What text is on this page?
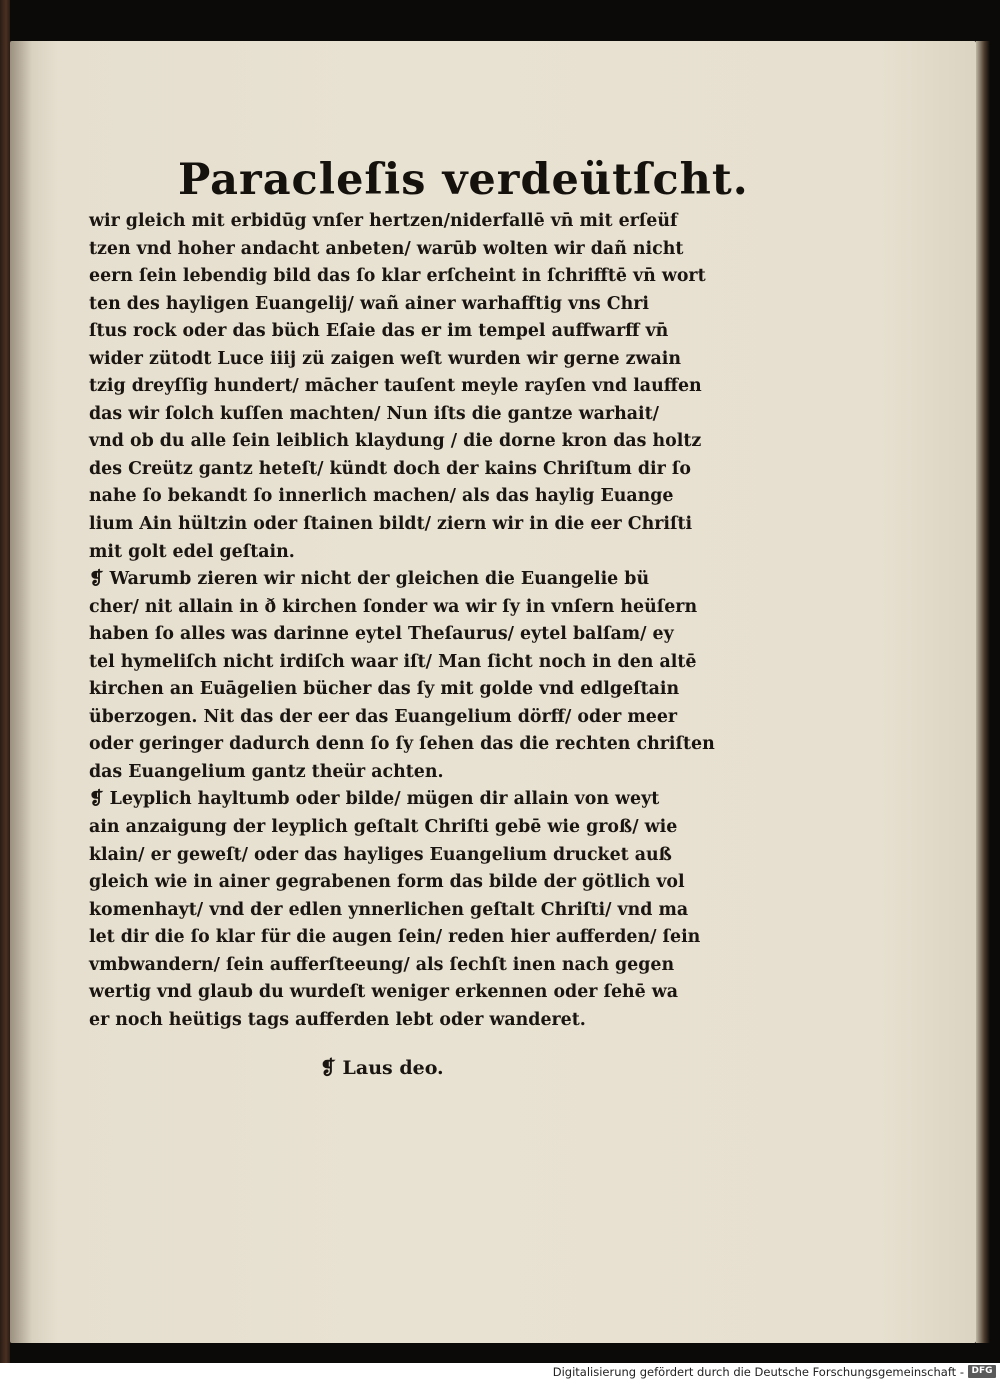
Paracleſis verdeütſcht.
wir gleich mit erbidūg vnſer hertzen/niderfallē vn̄ mit erſeüf
tzen vnd hoher andacht anbeten/ warūb wolten wir dañ nicht
eern ſein lebendig bild das ſo klar erſcheint in ſchrifftē vn̄ wort
ten des hayligen Euangelij/ wañ ainer warhafftig vns Chri
ſtus rock oder das büch Eſaie das er im tempel auffwarff vn̄
wider zütodt Luce iiij zü zaigen weſt wurden wir gerne zwain
tzig dreyſſig hundert/ mācher tauſent meyle rayſen vnd lauffen
das wir ſolch kuſſen machten/ Nun iſts die gantze warhait/
vnd ob du alle ſein leiblich klaydung / die dorne kron das holtz
des Creütz gantz heteſt/ kündt doch der kains Chriſtum dir ſo
nahe ſo bekandt ſo innerlich machen/ als das haylig Euange
lium Ain hültzin oder ſtainen bildt/ ziern wir in die eer Chriſti
mit golt edel geſtain.
❡ Warumb zieren wir nicht der gleichen die Euangelie bü
cher/ nit allain in ð kirchen ſonder wa wir ſy in vnſern heüſern
haben ſo alles was darinne eytel Theſaurus/ eytel balſam/ ey
tel hymeliſch nicht irdiſch waar iſt/ Man ſicht noch in den altē
kirchen an Euāgelien bücher das ſy mit golde vnd edlgeſtain
überzogen. Nit das der eer das Euangelium dörff/ oder meer
oder geringer dadurch denn ſo ſy ſehen das die rechten chriſten
das Euangelium gantz theür achten.
❡ Leyplich hayltumb oder bilde/ mügen dir allain von weyt
ain anzaigung der leyplich geſtalt Chriſti gebē wie groß/ wie
klain/ er geweſt/ oder das hayliges Euangelium drucket auß
gleich wie in ainer gegrabenen form das bilde der götlich vol
komenhayt/ vnd der edlen ynnerlichen geſtalt Chriſti/ vnd ma
let dir die ſo klar für die augen ſein/ reden hier aufferden/ ſein
vmbwandern/ ſein aufferſteeung/ als ſechſt inen nach gegen
wertig vnd glaub du wurdeſt weniger erkennen oder ſehē wa
er noch heütigs tags aufferden lebt oder wanderet.

❡ Laus deo.

Digitalisierung gefördert durch die Deutsche Forschungsgemeinschaft - DFG
